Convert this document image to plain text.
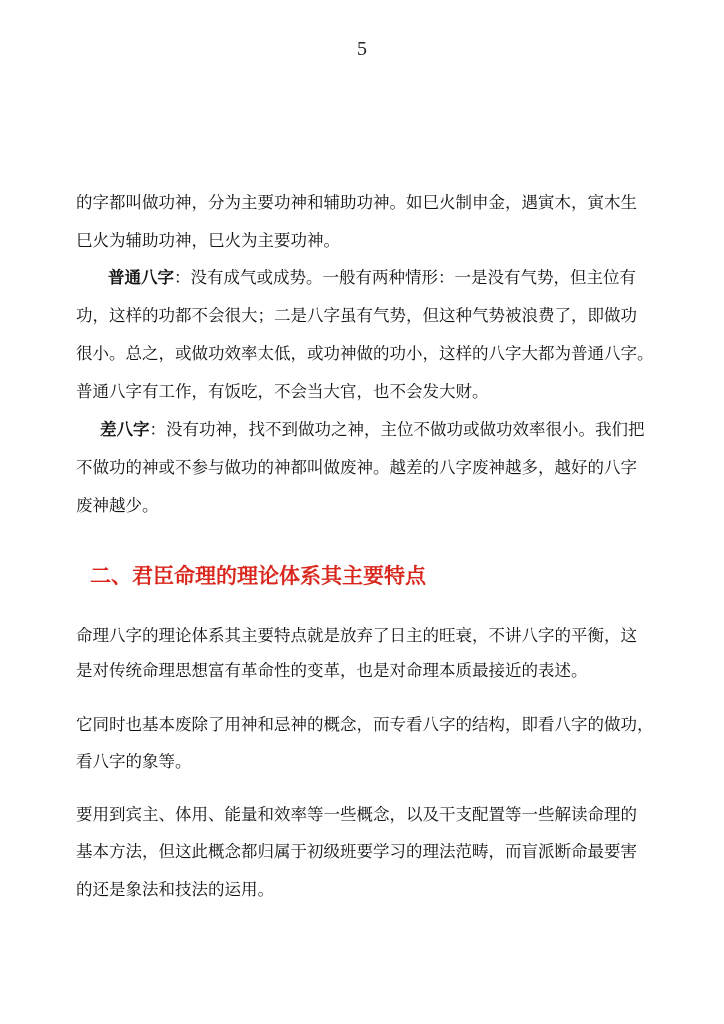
5
的字都叫做功神，分为主要功神和辅助功神。如巳火制申金，遇寅木，寅木生
巳火为辅助功神，巳火为主要功神。
普通八字：没有成气或成势。一般有两种情形：一是没有气势，但主位有
功，这样的功都不会很大；二是八字虽有气势，但这种气势被浪费了，即做功
很小。总之，或做功效率太低，或功神做的功小，这样的八字大都为普通八字。
普通八字有工作，有饭吃，不会当大官，也不会发大财。
差八字：没有功神，找不到做功之神，主位不做功或做功效率很小。我们把
不做功的神或不参与做功的神都叫做废神。越差的八字废神越多，越好的八字
废神越少。
二、君臣命理的理论体系其主要特点
命理八字的理论体系其主要特点就是放弃了日主的旺衰，不讲八字的平衡，这
是对传统命理思想富有革命性的变革，也是对命理本质最接近的表述。
它同时也基本废除了用神和忌神的概念，而专看八字的结构，即看八字的做功，
看八字的象等。
要用到宾主、体用、能量和效率等一些概念，以及干支配置等一些解读命理的
基本方法，但这此概念都归属于初级班要学习的理法范畴，而盲派断命最要害
的还是象法和技法的运用。
